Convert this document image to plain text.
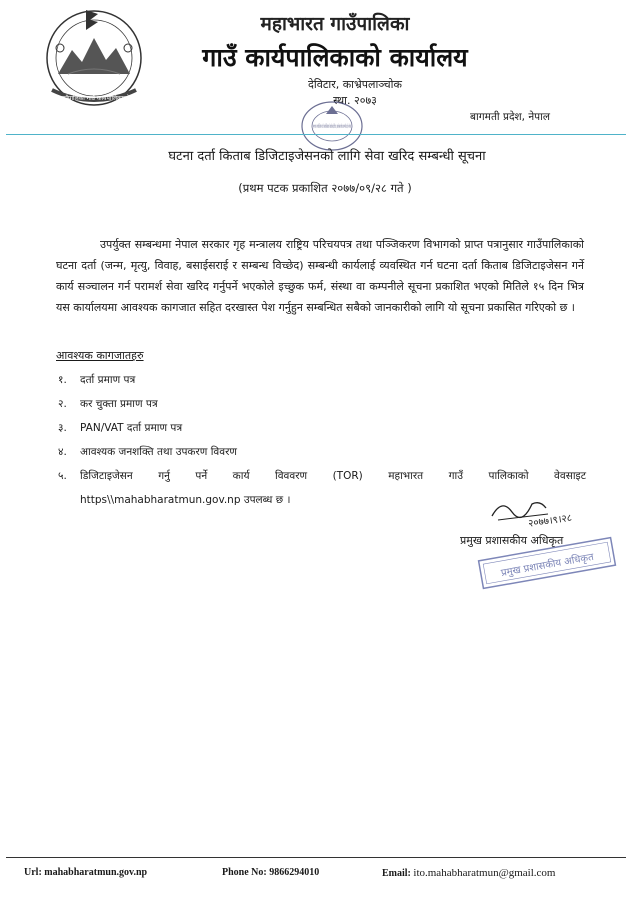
महाभारत गाउँपालिका गाउँ कार्यपालिकाको कार्यालय
महाभारत गाउँपालिका
गाउँ कार्यपालिकाको कार्यालय
देविटार, काभ्रेपलाञ्चोक
स्था. २०७३
बागमती प्रदेश, नेपाल
महाभारत गाउँपालिका गाउँ कार्यपालिकाको कार्यालय देविटार, काभ्रेपलाञ्चोक बागमती प्रदेश नेपाल
घटना दर्ता किताब डिजिटाइजेसनको लागि सेवा खरिद सम्बन्धी सूचना
(प्रथम पटक प्रकाशित २०७७/०९/२८ गते )

उपर्युक्त सम्बन्धमा नेपाल सरकार गृह मन्त्रालय राष्ट्रिय परिचयपत्र तथा पञ्जिकरण विभागको प्राप्त पत्रानुसार गाउँपालिकाको घटना दर्ता (जन्म, मृत्यु, विवाह, बसाईसराई र सम्बन्ध विच्छेद) सम्बन्धी कार्यलाई व्यवस्थित गर्न घटना दर्ता किताब डिजिटाइजेसन गर्ने कार्य सञ्चालन गर्न परामर्श सेवा खरिद गर्नुपर्ने भएकोले इच्छुक फर्म, संस्था वा कम्पनीले सूचना प्रकाशित भएको मितिले १५ दिन भित्र यस कार्यालयमा आवश्यक कागजात सहित दरखास्त पेश गर्नुहुन सम्बन्धित सबैको जानकारीको लागि यो सूचना प्रकासित गरिएको छ ।

आवश्यक कागजातहरु
१.	दर्ता प्रमाण पत्र
२.	कर चुक्ता प्रमाण पत्र
३.	PAN/VAT दर्ता प्रमाण पत्र
४.	आवश्यक जनशक्ति तथा उपकरण विवरण
५.	डिजिटाइजेसन गर्नु पर्ने कार्य विववरण (TOR) महाभारत गाउँ पालिकाको वेवसाइट
https\\mahabharatmun.gov.np उपलब्ध छ ।
२०७७।९।२८
प्रमुख प्रशासकीय अधिकृत
प्रमुख प्रशासकीय अधिकृत
Url: mahabharatmun.gov.np	Phone No: 9866294010	Email: ito.mahabharatmun@gmail.com
